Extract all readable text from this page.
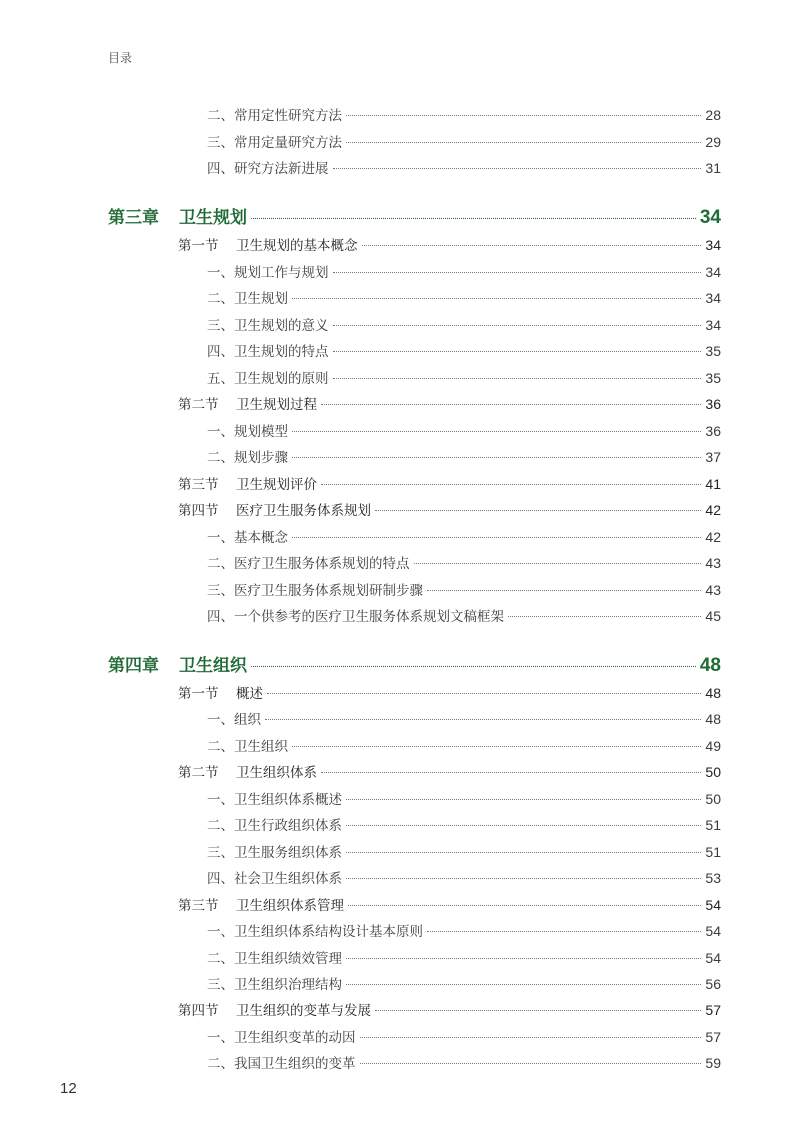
目录
二、常用定性研究方法	28
三、常用定量研究方法	29
四、研究方法新进展	31
第三章 卫生规划	34
第一节 卫生规划的基本概念	34
一、规划工作与规划	34
二、卫生规划	34
三、卫生规划的意义	34
四、卫生规划的特点	35
五、卫生规划的原则	35
第二节 卫生规划过程	36
一、规划模型	36
二、规划步骤	37
第三节 卫生规划评价	41
第四节 医疗卫生服务体系规划	42
一、基本概念	42
二、医疗卫生服务体系规划的特点	43
三、医疗卫生服务体系规划研制步骤	43
四、一个供参考的医疗卫生服务体系规划文稿框架	45
第四章 卫生组织	48
第一节 概述	48
一、组织	48
二、卫生组织	49
第二节 卫生组织体系	50
一、卫生组织体系概述	50
二、卫生行政组织体系	51
三、卫生服务组织体系	51
四、社会卫生组织体系	53
第三节 卫生组织体系管理	54
一、卫生组织体系结构设计基本原则	54
二、卫生组织绩效管理	54
三、卫生组织治理结构	56
第四节 卫生组织的变革与发展	57
一、卫生组织变革的动因	57
二、我国卫生组织的变革	59
12
